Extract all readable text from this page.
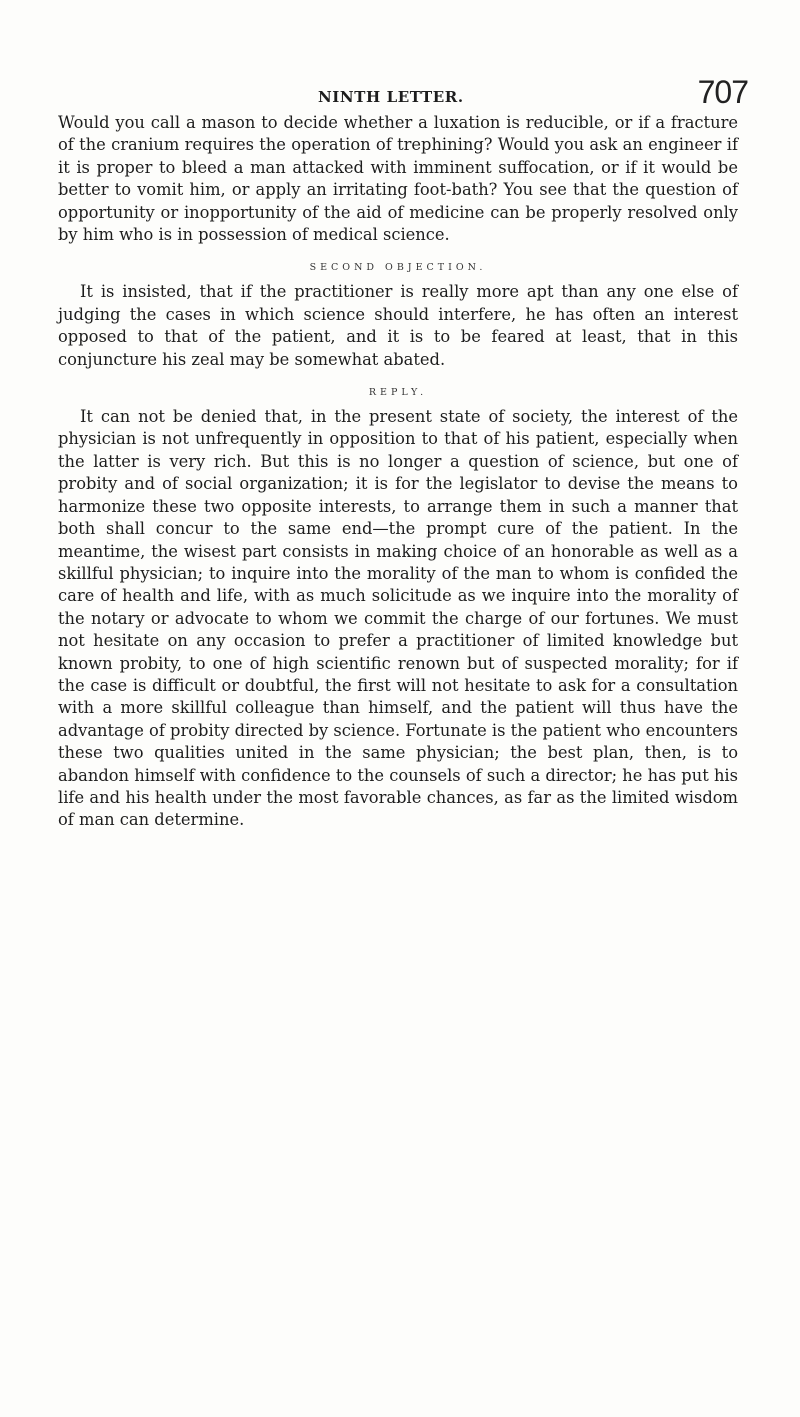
NINTH LETTER.	707

Would you call a mason to decide whether a luxation is reducible, or if a fracture of the cranium requires the operation of trephining? Would you ask an engineer if it is proper to bleed a man attacked with imminent suffocation, or if it would be better to vomit him, or apply an irritating foot-bath? You see that the question of opportunity or inopportunity of the aid of medicine can be properly resolved only by him who is in possession of medical science.

SECOND OBJECTION.

It is insisted, that if the practitioner is really more apt than any one else of judging the cases in which science should interfere, he has often an interest opposed to that of the patient, and it is to be feared at least, that in this conjuncture his zeal may be somewhat abated.

REPLY.

It can not be denied that, in the present state of society, the interest of the physician is not unfrequently in opposition to that of his patient, especially when the latter is very rich. But this is no longer a question of science, but one of probity and of social organization; it is for the legislator to devise the means to harmonize these two opposite interests, to arrange them in such a manner that both shall concur to the same end—the prompt cure of the patient. In the meantime, the wisest part consists in making choice of an honorable as well as a skillful physician; to inquire into the morality of the man to whom is confided the care of health and life, with as much solicitude as we inquire into the morality of the notary or advocate to whom we commit the charge of our fortunes. We must not hesitate on any occasion to prefer a practitioner of limited knowledge but known probity, to one of high scientific renown but of suspected morality; for if the case is difficult or doubtful, the first will not hesitate to ask for a consultation with a more skillful colleague than himself, and the patient will thus have the advantage of probity directed by science. Fortunate is the patient who encounters these two qualities united in the same physician; the best plan, then, is to abandon himself with confidence to the counsels of such a director; he has put his life and his health under the most favorable chances, as far as the limited wisdom of man can determine.
